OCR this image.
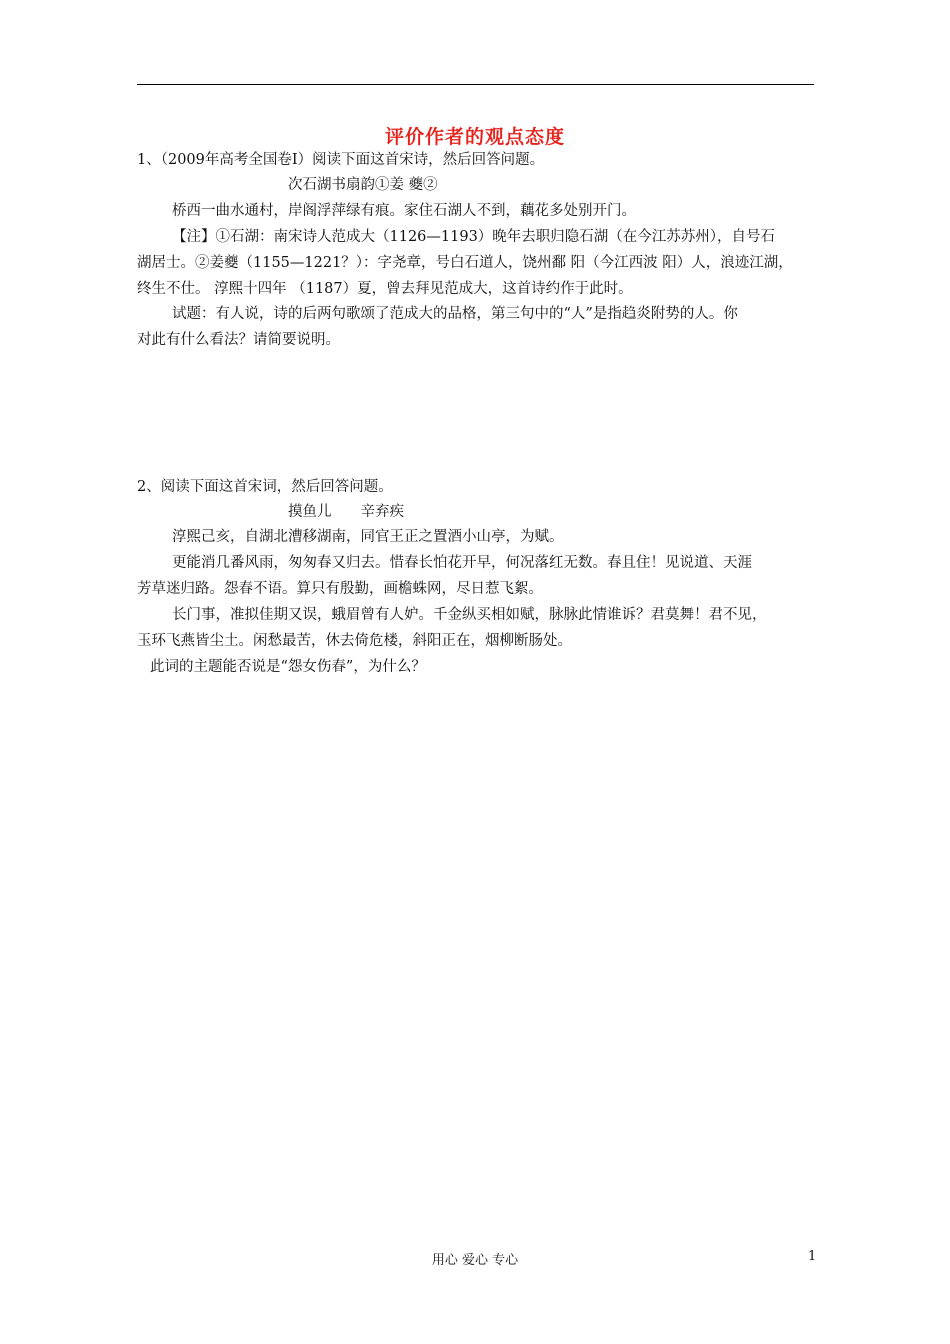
评价作者的观点态度
1、（2009年高考全国卷Ⅰ）阅读下面这首宋诗，然后回答问题。
次石湖书扇韵①姜 夔②
桥西一曲水通村，岸阁浮萍绿有痕。家住石湖人不到，藕花多处别开门。
【注】①石湖：南宋诗人范成大（1126—1193）晚年去职归隐石湖（在今江苏苏州），自号石
湖居士。②姜夔（1155—1221？）：字尧章，号白石道人，饶州鄱 阳（今江西波 阳）人，浪迹江湖，
终生不仕。 淳熙十四年 （1187）夏，曾去拜见范成大，这首诗约作于此时。
试题：有人说，诗的后两句歌颂了范成大的品格，第三句中的“人”是指趋炎附势的人。你
对此有什么看法？请简要说明。
2、阅读下面这首宋词，然后回答问题。
摸鱼儿　　辛弃疾
淳熙己亥，自湖北漕移湖南，同官王正之置酒小山亭，为赋。
更能消几番风雨，匆匆春又归去。惜春长怕花开早，何况落红无数。春且住！见说道、天涯
芳草迷归路。怨春不语。算只有殷勤，画檐蛛网，尽日惹飞絮。
长门事，准拟佳期又误，蛾眉曾有人妒。千金纵买相如赋，脉脉此情谁诉？君莫舞！君不见，
玉环飞燕皆尘土。闲愁最苦，休去倚危楼，斜阳正在，烟柳断肠处。
此词的主题能否说是“怨女伤春”，为什么？
用心 爱心 专心	1
